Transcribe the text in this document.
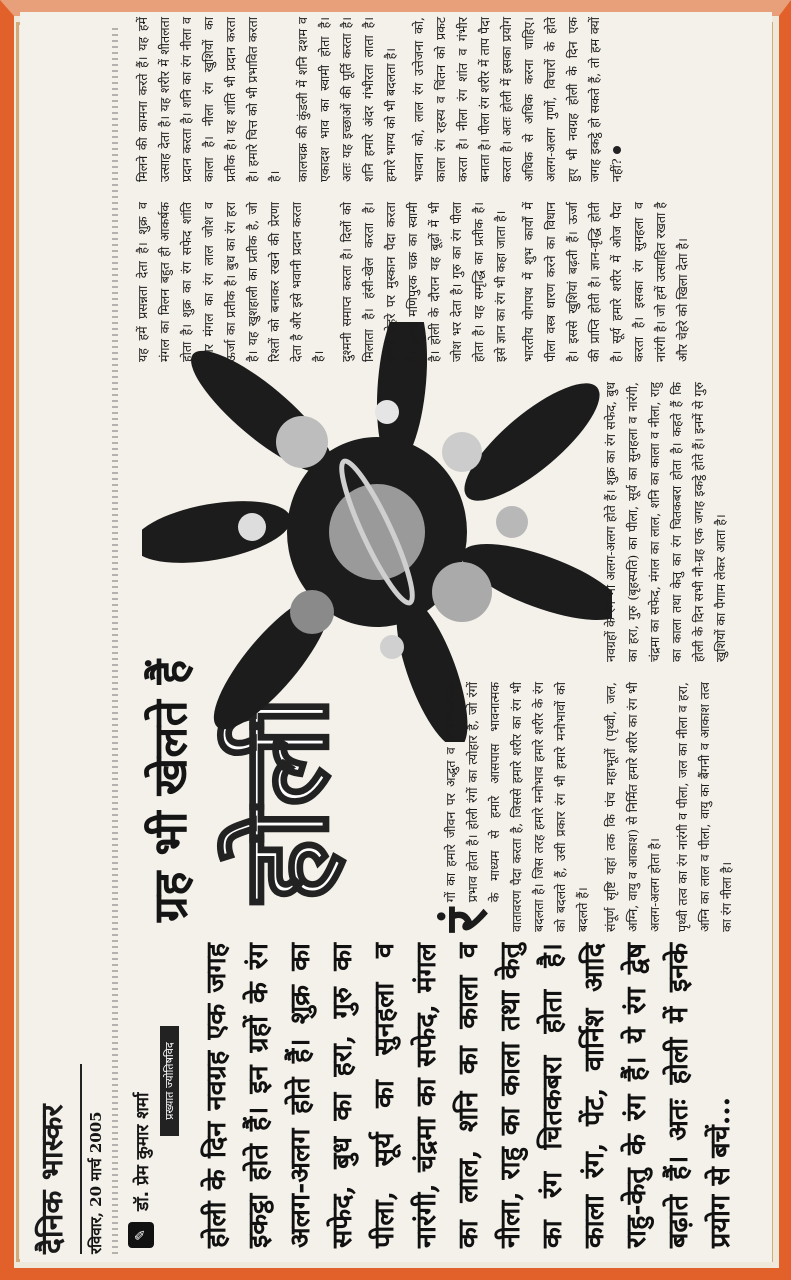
दैनिक भास्कर	रविवार, 20 मार्च 2005	✎ डॉ. प्रेम कुमार शर्मा
प्रख्यात ज्योतिषविद होली के दिन नवग्रह एक जगह इकट्ठा होते हैं। इन ग्रहों के रंग अलग-अलग होते हैं। शुक्र का सफेद, बुध का हरा, गुरु का पीला, सूर्य का सुनहला व नारंगी, चंद्रमा का सफेद, मंगल का लाल, शनि का काला व नीला, राहु का काला तथा केतु का रंग चितकबरा होता है। काला रंग, पेंट, वार्निश आदि राहु-केतु के रंग हैं। ये रंग द्वेष बढ़ाते हैं। अतः होली में इनके प्रयोग से बचें...
ग्रह भी खेलते हैं होली
रं

गों का हमारे जीवन पर अद्भुत व आश्चर्यजनक प्रभाव होता है। होली रंगों का त्योहार है, जो रंगों के माध्यम से हमारे आसपास भावनात्मक वातावरण पैदा करता है, जिससे हमारे शरीर का रंग भी बदलता है। जिस तरह हमारे मनोभाव हमारे शरीर के रंग को बदलते हैं, उसी प्रकार रंग भी हमारे मनोभावों को बदलते हैं।	संपूर्ण सृष्टि यहां तक कि पंच महाभूतों (पृथ्वी, जल, अग्नि, वायु व आकाश) से निर्मित हमारे शरीर का रंग भी अलग-अलग होता है।	पृथ्वी तत्व का रंग नारंगी व पीला, जल का नीला व हरा, अग्नि का लाल व पीला, वायु का बैंगनी व आकाश तत्व का रंग नीला है।

नवग्रहों के रंग भी अलग-अलग होते हैं। शुक्र का रंग सफेद, बुध का हरा, गुरु (बृहस्पति) का पीला, सूर्य का सुनहला व नारंगी, चंद्रमा का सफेद, मंगल का लाल, शनि का काला व नीला, राहु का काला तथा केतु का रंग चितकबरा होता है। कहते हैं कि होली के दिन सभी नौ-ग्रह एक जगह इकट्ठे होते हैं। इनमें से गुरु खुशियों का पैगाम लेकर आता है।

यह हमें प्रसन्नता देता है। शुक्र व मंगल का मिलन बहुत ही आकर्षक होता है। शुक्र का रंग सफेद शांति और मंगल का रंग लाल जोश व ऊर्जा का प्रतीक है। बुध का रंग हरा है। यह खुशहाली का प्रतीक है, जो रिश्तों को बनाकर रखने की प्रेरणा देता है और इसे भवानी प्रदान करता है।	दुश्मनी समाप्त करता है। दिलों को मिलाता है। हंसी-खेल करता है। हमारे चेहरे पर मुस्कान पैदा करता है। हमारे मणिपुरक चक्र का स्वामी है। होली के दौरान यह बूढ़ों में भी जोश भर देता है। गुरु का रंग पीला होता है। यह समृद्धि का प्रतीक है। इसे ज्ञान का रंग भी कहा जाता है।	भारतीय योगपथ में शुभ कार्यों में पीला वस्त्र धारण करने का विधान है। इससे खुशियां बढ़ती हैं। ऊर्जा की प्राप्ति होती है। ज्ञान-वृद्धि होती है। सूर्य हमारे शरीर में ओज पैदा करता है। इसका रंग सुनहला व नारंगी है। जो हमें उत्साहित रखता है और चेहरे को खिला देता है।

मिलने की कामना करते हैं। यह हमें उत्साह देता है। यह शरीर में शीतलता प्रदान करता है। शनि का रंग नीला व काला है। नीला रंग खुशियों का प्रतीक है। यह शांति भी प्रदान करता है। हमारे चित्त को भी प्रभावित करता है।	कालचक्र की कुंडली में शनि दशम व एकादश भाव का स्वामी होता है। अतः यह इच्छाओं की पूर्ति करता है। शनि हमारे अंदर गंभीरता लाता है। हमारे भाग्य को भी बदलता है।	भावना को, लाल रंग उत्तेजना को, काला रंग रहस्य व चिंतन को प्रकट करता है। नीला रंग शांत व गंभीर बनाता है। पीला रंग शरीर में ताप पैदा करता है। अतः होली में इसका प्रयोग अधिक से अधिक करना चाहिए। अलग-अलग गुणों, विचारों के होते हुए भी नवग्रह होली के दिन एक जगह इकट्ठे हो सकते हैं, तो हम क्यों नहीं?
